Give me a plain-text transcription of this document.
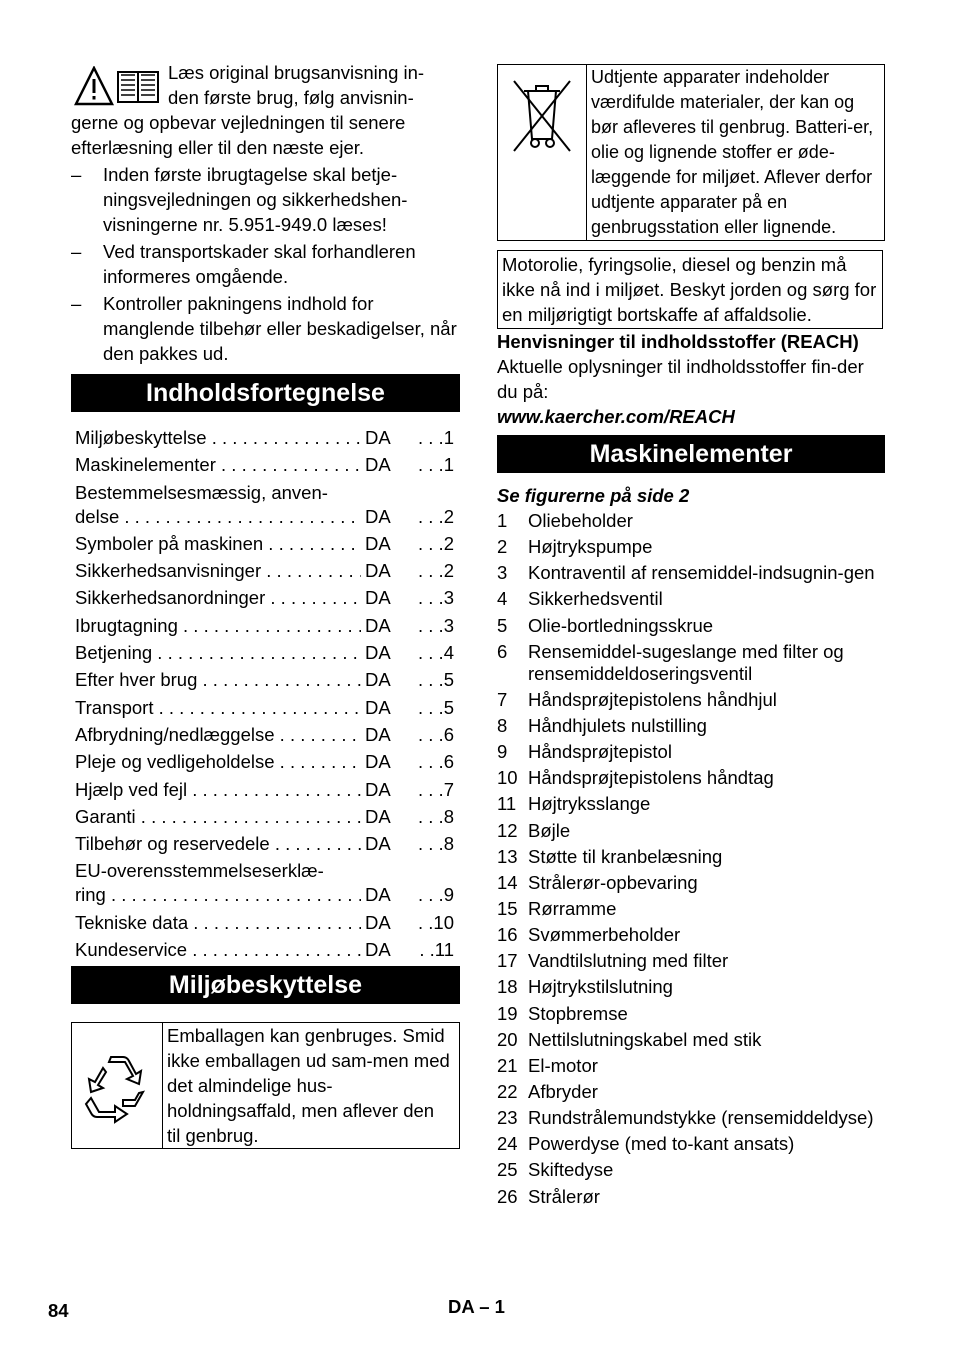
Læs original brugsanvisning in-
den første brug, følg anvisnin-
gerne og opbevar vejledningen til senere efterlæsning eller til den næste ejer.

– Inden første ibrugtagelse skal betje-ningsvejledningen og sikkerhedshen-visningerne nr. 5.951-949.0 læses!
– Ved transportskader skal forhandleren informeres omgående.
– Kontroller pakningens indhold for manglende tilbehør eller beskadigelser, når den pakkes ud.
Indholdsfortegnelse
Miljøbeskyttelse . . .	DA . . .1
Maskinelementer . . .	DA . . .1
Bestemmelsesmæssig, anven-
delse . . .	DA . . .2
Symboler på maskinen . . .	DA . . .2
Sikkerhedsanvisninger . . .	DA . . .2
Sikkerhedsanordninger . . .	DA . . .3
Ibrugtagning . . .	DA . . .3
Betjening . . .	DA . . .4
Efter hver brug . . .	DA . . .5
Transport . . .	DA . . .5
Afbrydning/nedlæggelse . . .	DA . . .6
Pleje og vedligeholdelse . . .	DA . . .6
Hjælp ved fejl . . .	DA . . .7
Garanti . . .	DA . . .8
Tilbehør og reservedele . . .	DA . . .8
EU-overensstemmelseserklæ-
ring . . .	DA . . .9
Tekniske data . . .	DA . .10
Kundeservice . . .	DA . .11
Miljøbeskyttelse
Emballagen kan genbruges. Smid ikke emballagen ud sam-men med det almindelige hus-holdningsaffald, men aflever den til genbrug.
Udtjente apparater indeholder værdifulde materialer, der kan og bør afleveres til genbrug. Batteri-er, olie og lignende stoffer er øde-læggende for miljøet. Aflever derfor udtjente apparater på en genbrugsstation eller lignende.
Motorolie, fyringsolie, diesel og benzin må ikke nå ind i miljøet. Beskyt jorden og sørg for en miljørigtigt bortskaffe af affaldsolie.

Henvisninger til indholdsstoffer (REACH)

Aktuelle oplysninger til indholdsstoffer fin-der du på:

www.kaercher.com/REACH

Maskinelementer

Se figurerne på side 2

1 Oliebeholder
2 Højtrykspumpe
3 Kontraventil af rensemiddel-indsugnin-gen
4 Sikkerhedsventil
5 Olie-bortledningsskrue
6 Rensemiddel-sugeslange med filter og rensemiddeldoseringsventil
7 Håndsprøjtepistolens håndhjul
8 Håndhjulets nulstilling
9 Håndsprøjtepistol
10 Håndsprøjtepistolens håndtag
11 Højtryksslange
12 Bøjle
13 Støtte til kranbelæsning
14 Strålerør-opbevaring
15 Rørramme
16 Svømmerbeholder
17 Vandtilslutning med filter
18 Højtrykstilslutning
19 Stopbremse
20 Nettilslutningskabel med stik
21 El-motor
22 Afbryder
23 Rundstrålemundstykke (rensemiddeldyse)
24 Powerdyse (med to-kant ansats)
25 Skiftedyse
26 Strålerør
84	DA – 1
